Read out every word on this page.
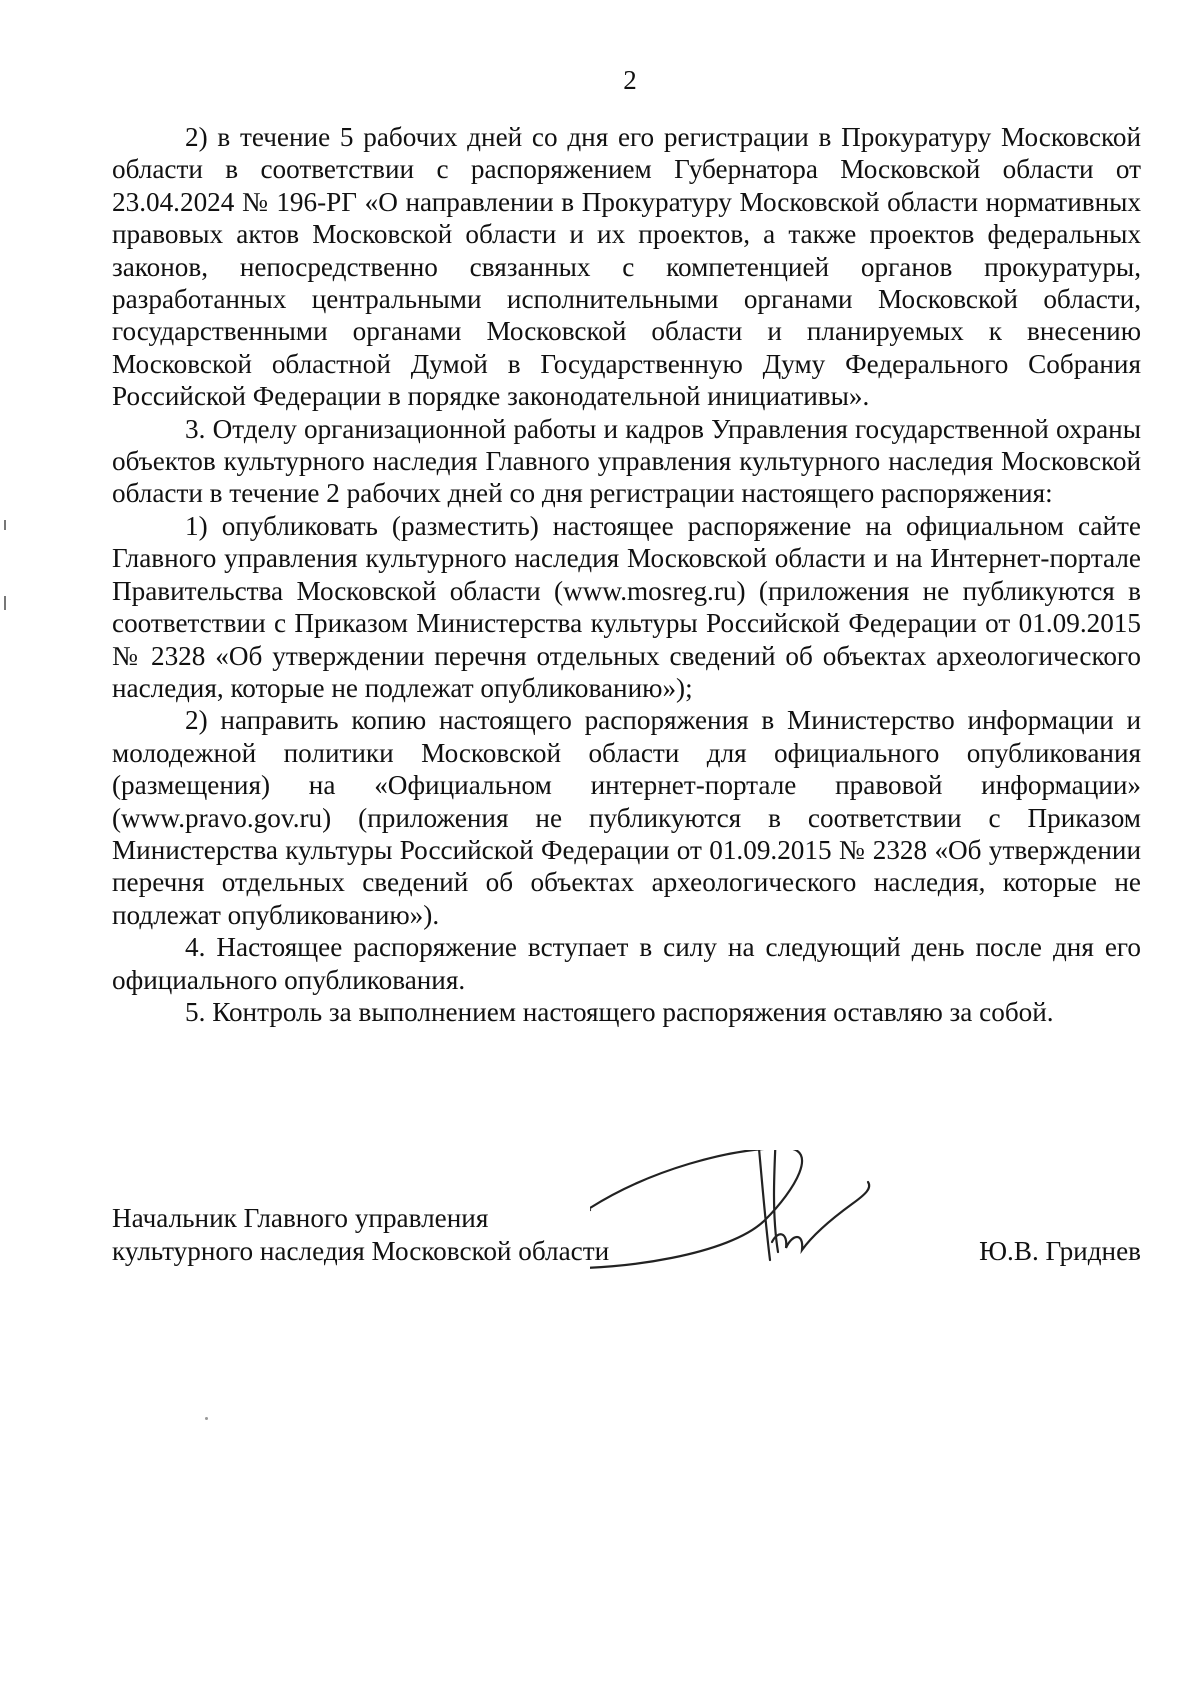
2

2) в течение 5 рабочих дней со дня его регистрации в Прокуратуру Московской области в соответствии с распоряжением Губернатора Московской области от 23.04.2024 № 196-РГ «О направлении в Прокуратуру Московской области нормативных правовых актов Московской области и их проектов, а также проектов федеральных законов, непосредственно связанных с компетенцией органов прокуратуры, разработанных центральными исполнительными органами Московской области, государственными органами Московской области и планируемых к внесению Московской областной Думой в Государственную Думу Федерального Собрания Российской Федерации в порядке законодательной инициативы».

3. Отделу организационной работы и кадров Управления государственной охраны объектов культурного наследия Главного управления культурного наследия Московской области в течение 2 рабочих дней со дня регистрации настоящего распоряжения:

1) опубликовать (разместить) настоящее распоряжение на официальном сайте Главного управления культурного наследия Московской области и на Интернет-портале Правительства Московской области (www.mosreg.ru) (приложения не публикуются в соответствии с Приказом Министерства культуры Российской Федерации от 01.09.2015 № 2328 «Об утверждении перечня отдельных сведений об объектах археологического наследия, которые не подлежат опубликованию»);

2) направить копию настоящего распоряжения в Министерство информации и молодежной политики Московской области для официального опубликования (размещения) на «Официальном интернет-портале правовой информации» (www.pravo.gov.ru) (приложения не публикуются в соответствии с Приказом Министерства культуры Российской Федерации от 01.09.2015 № 2328 «Об утверждении перечня отдельных сведений об объектах археологического наследия, которые не подлежат опубликованию»).

4. Настоящее распоряжение вступает в силу на следующий день после дня его официального опубликования.

5. Контроль за выполнением настоящего распоряжения оставляю за собой.

Начальник Главного управления
культурного наследия Московской области	Ю.В. Гриднев
